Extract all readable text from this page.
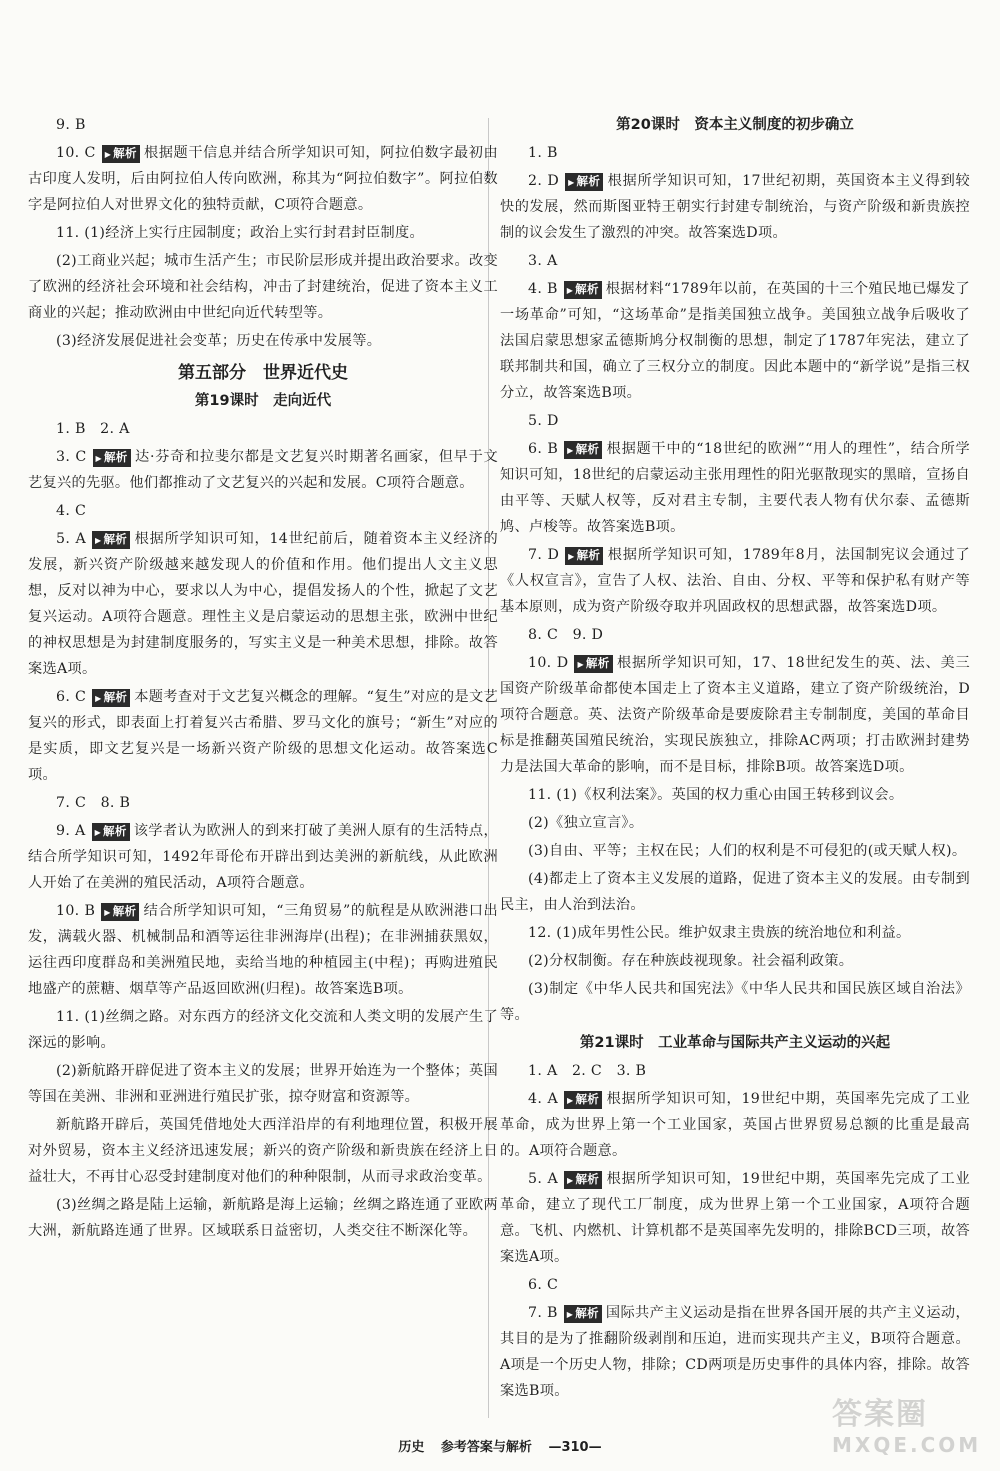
9. B

10. C ▶ 解析 根据题干信息并结合所学知识可知，阿拉伯数字最初由古印度人发明，后由阿拉伯人传向欧洲，称其为“阿拉伯数字”。阿拉伯数字是阿拉伯人对世界文化的独特贡献，C项符合题意。

11. (1)经济上实行庄园制度；政治上实行封君封臣制度。

(2)工商业兴起；城市生活产生；市民阶层形成并提出政治要求。改变了欧洲的经济社会环境和社会结构，冲击了封建统治，促进了资本主义工商业的兴起；推动欧洲由中世纪向近代转型等。

(3)经济发展促进社会变革；历史在传承中发展等。

第五部分　世界近代史
第19课时　走向近代

1. B　2. A

3. C ▶ 解析 达·芬奇和拉斐尔都是文艺复兴时期著名画家，但早于文艺复兴的先驱。他们都推动了文艺复兴的兴起和发展。C项符合题意。

4. C

5. A ▶ 解析 根据所学知识可知，14世纪前后，随着资本主义经济的发展，新兴资产阶级越来越发现人的价值和作用。他们提出人文主义思想，反对以神为中心，要求以人为中心，提倡发扬人的个性，掀起了文艺复兴运动。A项符合题意。理性主义是启蒙运动的思想主张，欧洲中世纪的神权思想是为封建制度服务的，写实主义是一种美术思想，排除。故答案选A项。

6. C ▶ 解析 本题考查对于文艺复兴概念的理解。“复生”对应的是文艺复兴的形式，即表面上打着复兴古希腊、罗马文化的旗号；“新生”对应的是实质，即文艺复兴是一场新兴资产阶级的思想文化运动。故答案选C项。

7. C　8. B

9. A ▶ 解析 该学者认为欧洲人的到来打破了美洲人原有的生活特点，结合所学知识可知，1492年哥伦布开辟出到达美洲的新航线，从此欧洲人开始了在美洲的殖民活动，A项符合题意。

10. B ▶ 解析 结合所学知识可知，“三角贸易”的航程是从欧洲港口出发，满载火器、机械制品和酒等运往非洲海岸(出程)；在非洲捕获黑奴，运往西印度群岛和美洲殖民地，卖给当地的种植园主(中程)；再购进殖民地盛产的蔗糖、烟草等产品返回欧洲(归程)。故答案选B项。

11. (1)丝绸之路。对东西方的经济文化交流和人类文明的发展产生了深远的影响。

(2)新航路开辟促进了资本主义的发展；世界开始连为一个整体；英国等国在美洲、非洲和亚洲进行殖民扩张，掠夺财富和资源等。

新航路开辟后，英国凭借地处大西洋沿岸的有利地理位置，积极开展对外贸易，资本主义经济迅速发展；新兴的资产阶级和新贵族在经济上日益壮大，不再甘心忍受封建制度对他们的种种限制，从而寻求政治变革。

(3)丝绸之路是陆上运输，新航路是海上运输；丝绸之路连通了亚欧两大洲，新航路连通了世界。区域联系日益密切，人类交往不断深化等。

第20课时　资本主义制度的初步确立

1. B

2. D ▶ 解析 根据所学知识可知，17世纪初期，英国资本主义得到较快的发展，然而斯图亚特王朝实行封建专制统治，与资产阶级和新贵族控制的议会发生了激烈的冲突。故答案选D项。

3. A

4. B ▶ 解析 根据材料“1789年以前，在英国的十三个殖民地已爆发了一场革命”可知，“这场革命”是指美国独立战争。美国独立战争后吸收了法国启蒙思想家孟德斯鸠分权制衡的思想，制定了1787年宪法，建立了联邦制共和国，确立了三权分立的制度。因此本题中的“新学说”是指三权分立，故答案选B项。

5. D

6. B ▶ 解析 根据题干中的“18世纪的欧洲”“用人的理性”，结合所学知识可知，18世纪的启蒙运动主张用理性的阳光驱散现实的黑暗，宣扬自由平等、天赋人权等，反对君主专制，主要代表人物有伏尔泰、孟德斯鸠、卢梭等。故答案选B项。

7. D ▶ 解析 根据所学知识可知，1789年8月，法国制宪议会通过了《人权宣言》，宣告了人权、法治、自由、分权、平等和保护私有财产等基本原则，成为资产阶级夺取并巩固政权的思想武器，故答案选D项。

8. C　9. D

10. D ▶ 解析 根据所学知识可知，17、18世纪发生的英、法、美三国资产阶级革命都使本国走上了资本主义道路，建立了资产阶级统治，D项符合题意。英、法资产阶级革命是要废除君主专制制度，美国的革命目标是推翻英国殖民统治，实现民族独立，排除AC两项；打击欧洲封建势力是法国大革命的影响，而不是目标，排除B项。故答案选D项。

11. (1)《权利法案》。英国的权力重心由国王转移到议会。

(2)《独立宣言》。

(3)自由、平等；主权在民；人们的权利是不可侵犯的(或天赋人权)。

(4)都走上了资本主义发展的道路，促进了资本主义的发展。由专制到民主，由人治到法治。

12. (1)成年男性公民。维护奴隶主贵族的统治地位和利益。

(2)分权制衡。存在种族歧视现象。社会福利政策。

(3)制定《中华人民共和国宪法》《中华人民共和国民族区域自治法》等。

第21课时　工业革命与国际共产主义运动的兴起

1. A　2. C　3. B

4. A ▶ 解析 根据所学知识可知，19世纪中期，英国率先完成了工业革命，成为世界上第一个工业国家，英国占世界贸易总额的比重是最高的。A项符合题意。

5. A ▶ 解析 根据所学知识可知，19世纪中期，英国率先完成了工业革命，建立了现代工厂制度，成为世界上第一个工业国家，A项符合题意。飞机、内燃机、计算机都不是英国率先发明的，排除BCD三项，故答案选A项。

6. C

7. B ▶ 解析 国际共产主义运动是指在世界各国开展的共产主义运动，其目的是为了推翻阶级剥削和压迫，进而实现共产主义，B项符合题意。A项是一个历史人物，排除；CD两项是历史事件的具体内容，排除。故答案选B项。

历史 参考答案与解析 —310—
答案圈
MXQE.COM
